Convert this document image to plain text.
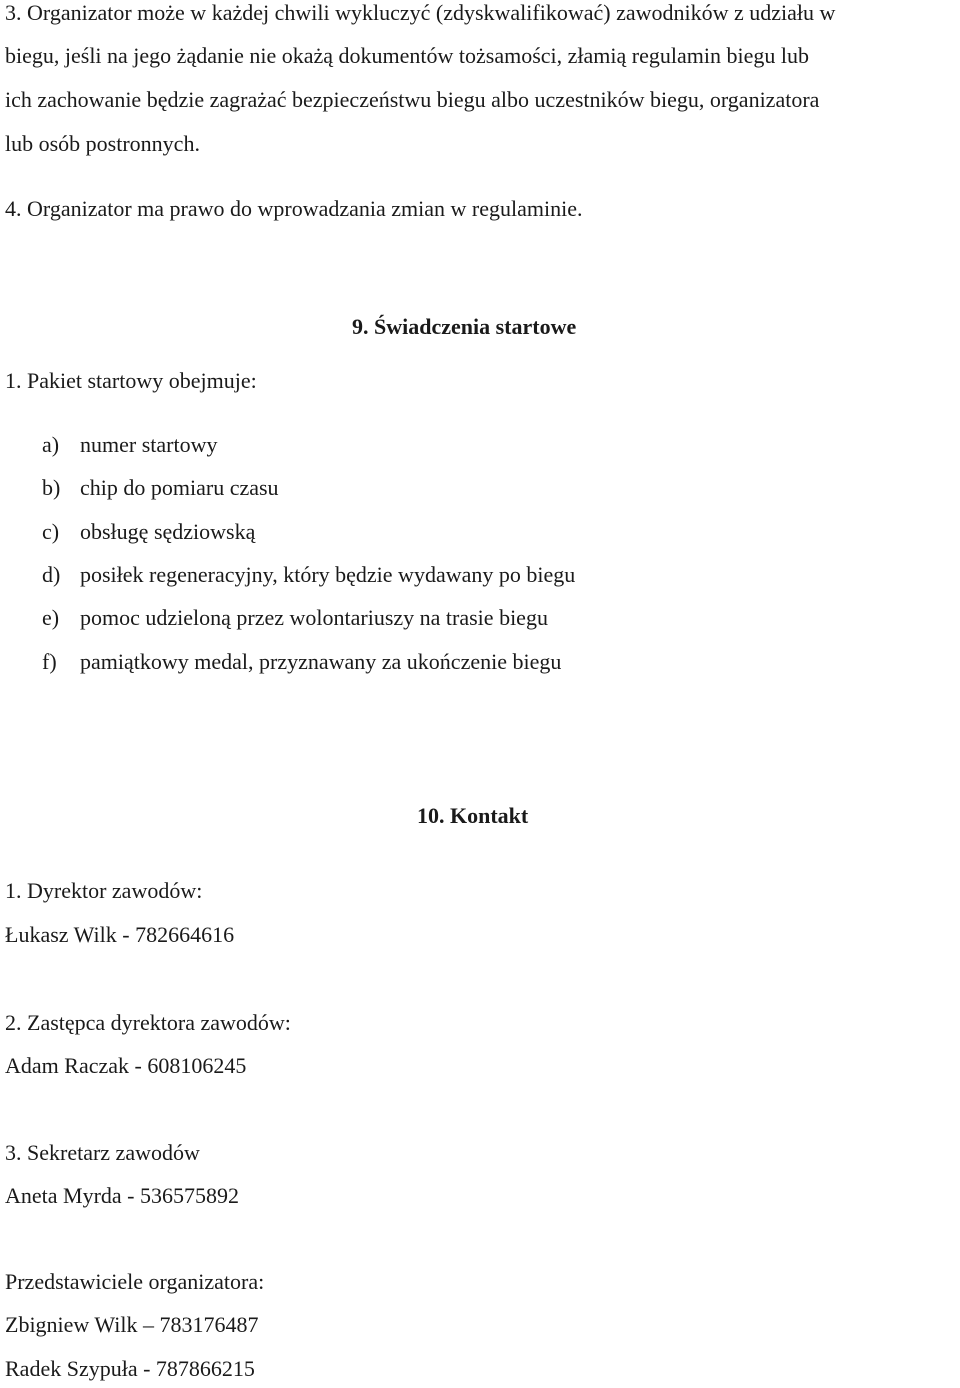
3. Organizator może w każdej chwili wykluczyć (zdyskwalifikować) zawodników z udziału w
biegu, jeśli na jego żądanie nie okażą dokumentów tożsamości, złamią regulamin biegu lub
ich zachowanie będzie zagrażać bezpieczeństwu biegu albo uczestników biegu, organizatora
lub osób postronnych.
4. Organizator ma prawo do wprowadzania zmian w regulaminie.
9. Świadczenia startowe
1. Pakiet startowy obejmuje:
a) numer startowy
b) chip do pomiaru czasu
c) obsługę sędziowską
d) posiłek regeneracyjny, który będzie wydawany po biegu
e) pomoc udzieloną przez wolontariuszy na trasie biegu
f) pamiątkowy medal, przyznawany za ukończenie biegu
10. Kontakt
1. Dyrektor zawodów:
Łukasz Wilk - 782664616
2. Zastępca dyrektora zawodów:
Adam Raczak - 608106245
3. Sekretarz zawodów
Aneta Myrda - 536575892
Przedstawiciele organizatora:
Zbigniew Wilk – 783176487
Radek Szypuła - 787866215
